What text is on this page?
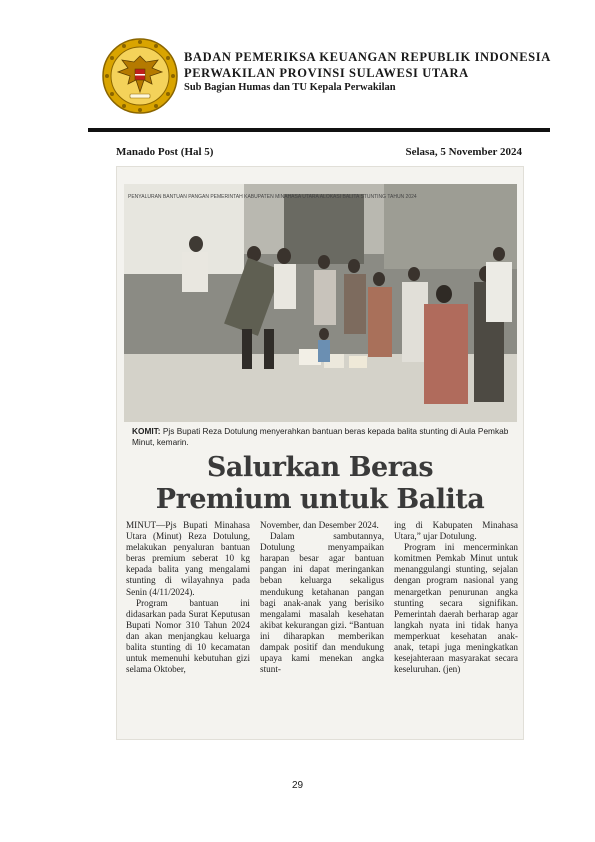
BADAN PEMERIKSA KEUANGAN REPUBLIK INDONESIA
PERWAKILAN PROVINSI SULAWESI UTARA
Sub Bagian Humas dan TU Kepala Perwakilan
Manado Post (Hal 5)	Selasa, 5 November 2024
PENYALURAN BANTUAN PANGAN PEMERINTAH KABUPATEN MINAHASA UTARA ALOKASI BALITA STUNTING TAHUN 2024
KOMIT: Pjs Bupati Reza Dotulung menyerahkan bantuan beras kepada balita stunting di Aula Pemkab Minut, kemarin.
Salurkan Beras
Premium untuk Balita

MINUT—Pjs Bupati Minahasa Utara (Minut) Reza Dotulung, melakukan penyaluran bantuan beras premium seberat 10 kg kepada balita yang mengalami stunting di wilayahnya pada Senin (4/11/2024).

Program bantuan ini didasarkan pada Surat Keputusan Bupati Nomor 310 Tahun 2024 dan akan menjangkau keluarga balita stunting di 10 kecamatan untuk memenuhi kebutuhan gizi selama Oktober,

November, dan Desember 2024.

Dalam sambutannya, Dotulung menyampaikan harapan besar agar bantuan pangan ini dapat meringankan beban keluarga sekaligus mendukung ketahanan pangan bagi anak-anak yang berisiko mengalami masalah kesehatan akibat kekurangan gizi. “Bantuan ini diharapkan memberikan dampak positif dan mendukung upaya kami menekan angka stunt-

ing di Kabupaten Minahasa Utara,” ujar Dotulung.

Program ini mencerminkan komitmen Pemkab Minut untuk menanggulangi stunting, sejalan dengan program nasional yang menargetkan penurunan angka stunting secara signifikan. Pemerintah daerah berharap agar langkah nyata ini tidak hanya memperkuat kesehatan anak-anak, tetapi juga meningkatkan kesejahteraan masyarakat secara keseluruhan. (jen)

29
